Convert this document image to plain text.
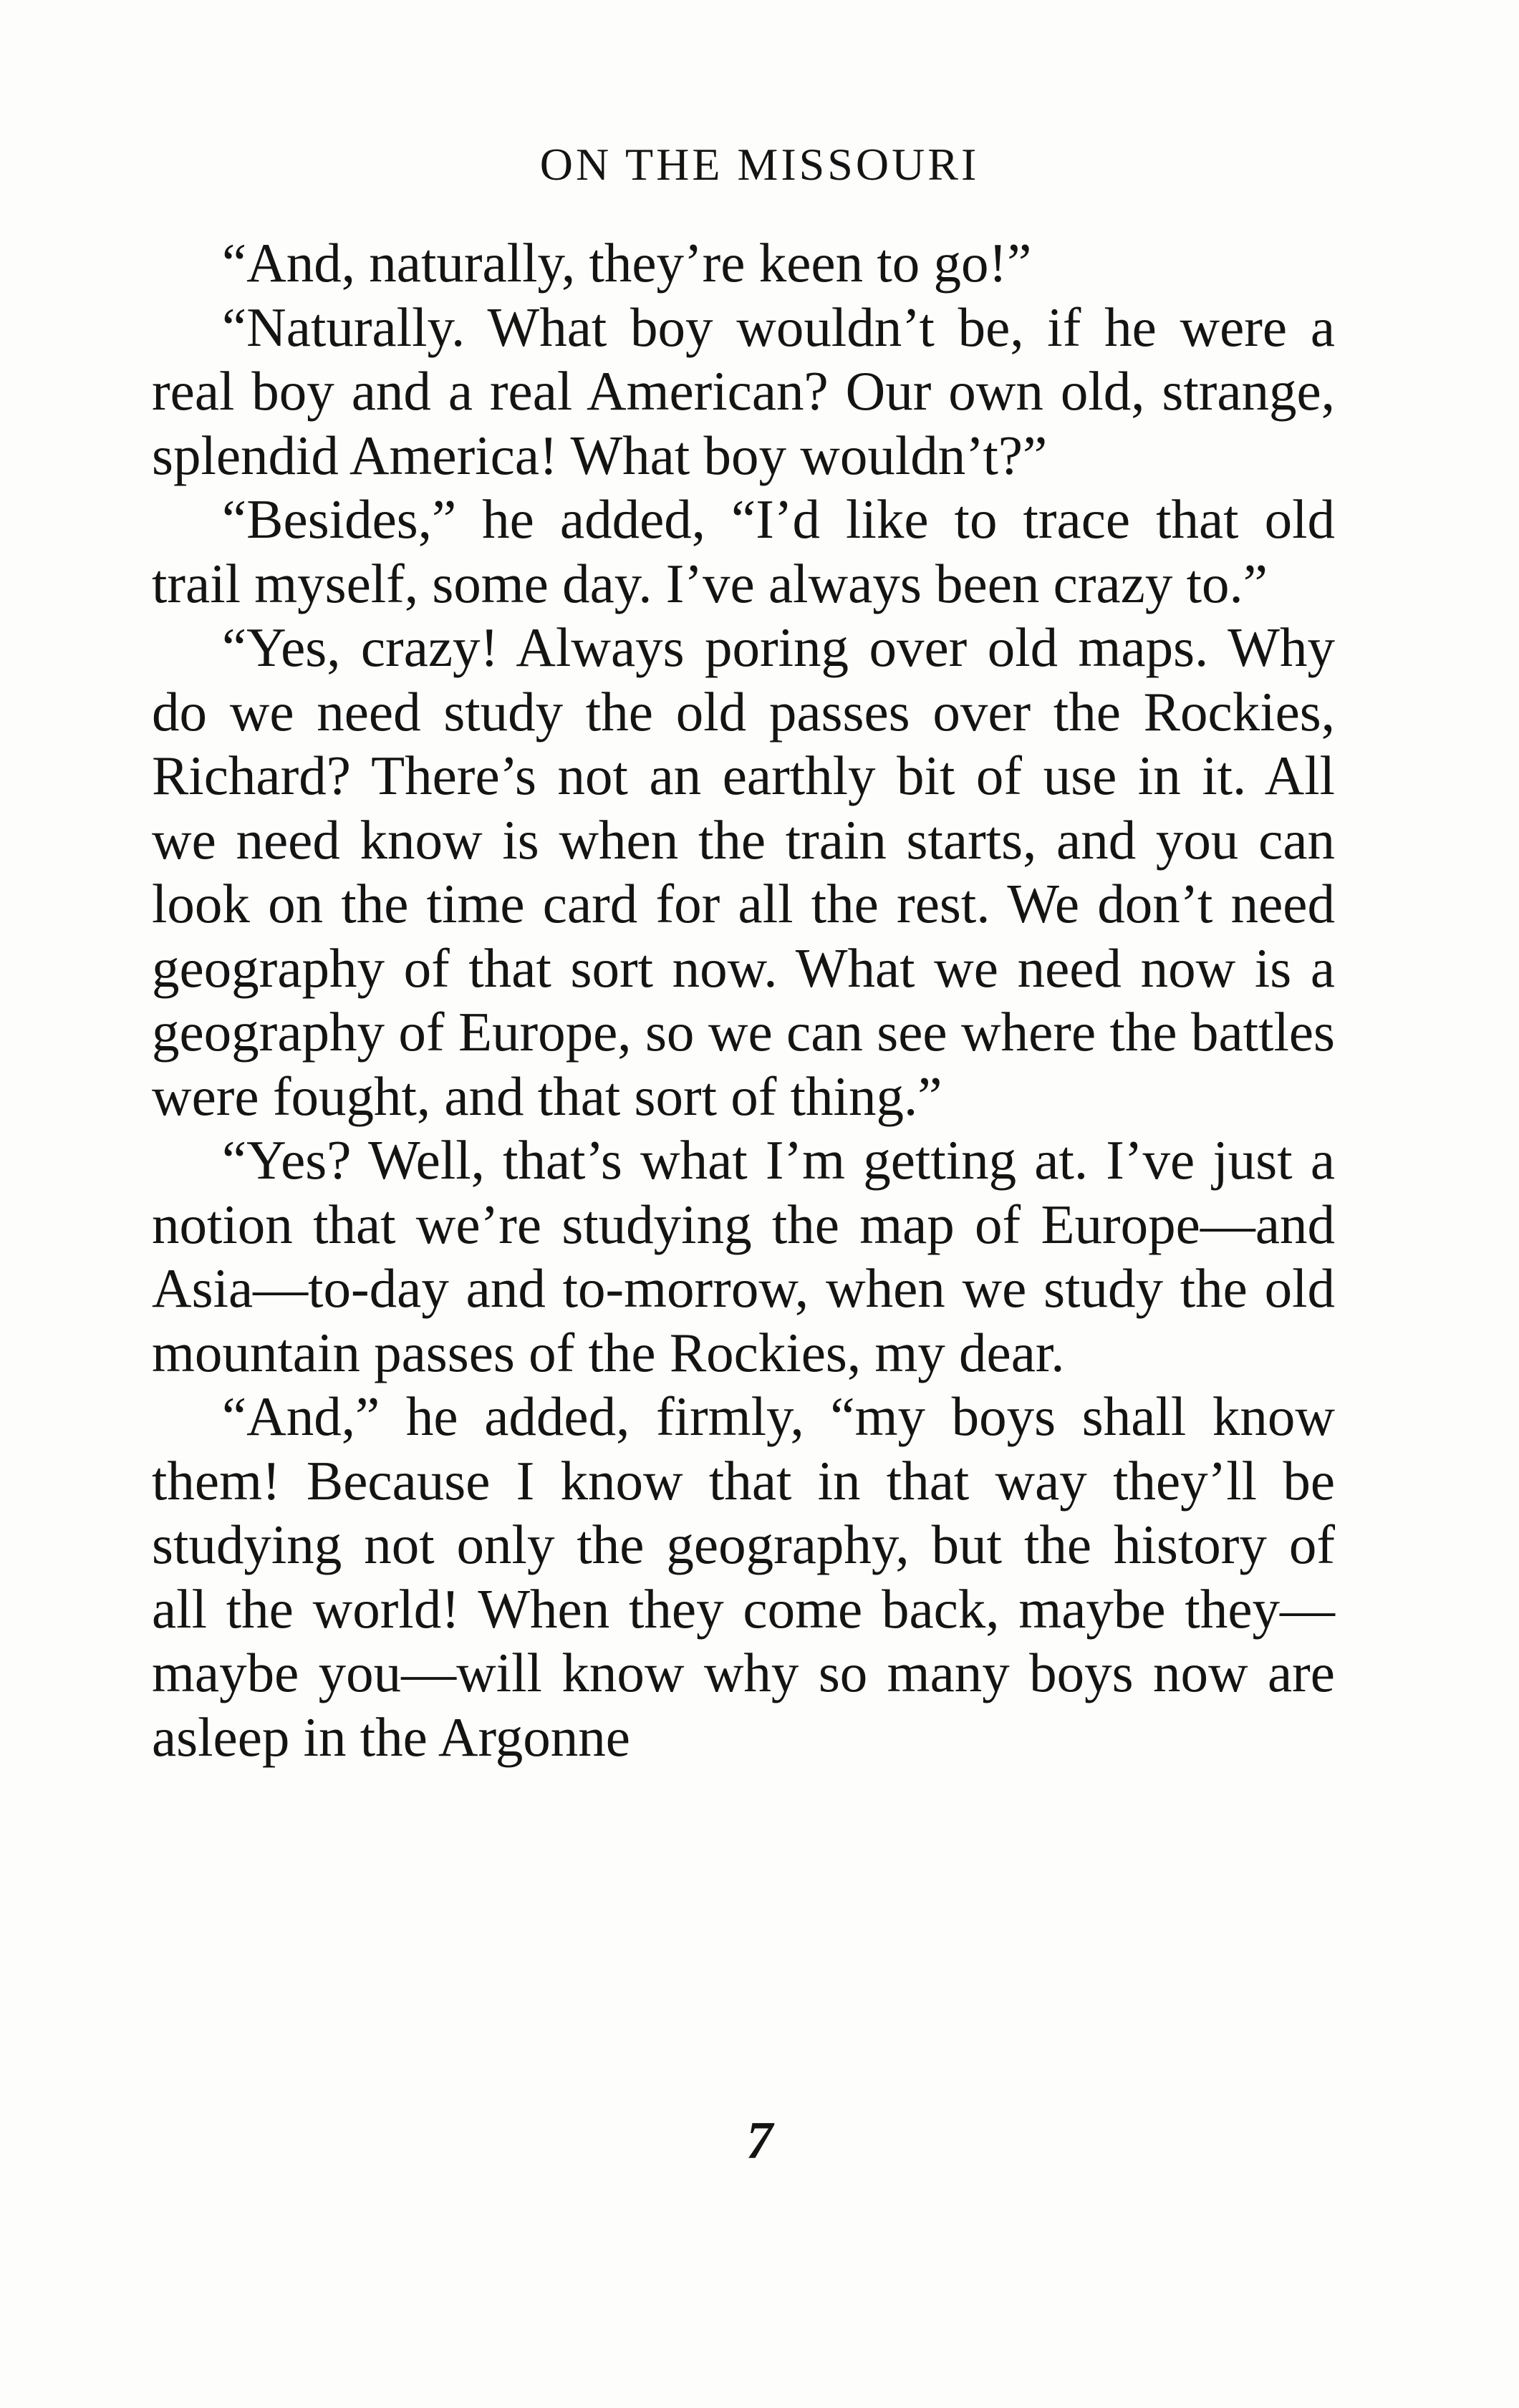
ON THE MISSOURI

“And, naturally, they’re keen to go!”

“Naturally. What boy wouldn’t be, if he were a real boy and a real American? Our own old, strange, splendid America! What boy wouldn’t?”

“Besides,” he added, “I’d like to trace that old trail myself, some day. I’ve always been crazy to.”

“Yes, crazy! Always poring over old maps. Why do we need study the old passes over the Rockies, Richard? There’s not an earthly bit of use in it. All we need know is when the train starts, and you can look on the time card for all the rest. We don’t need geography of that sort now. What we need now is a geography of Europe, so we can see where the battles were fought, and that sort of thing.”

“Yes? Well, that’s what I’m getting at. I’ve just a notion that we’re studying the map of Europe—and Asia—to-day and to-morrow, when we study the old mountain passes of the Rockies, my dear.

“And,” he added, firmly, “my boys shall know them! Because I know that in that way they’ll be studying not only the geography, but the history of all the world! When they come back, maybe they—maybe you—will know why so many boys now are asleep in the Argonne

7
